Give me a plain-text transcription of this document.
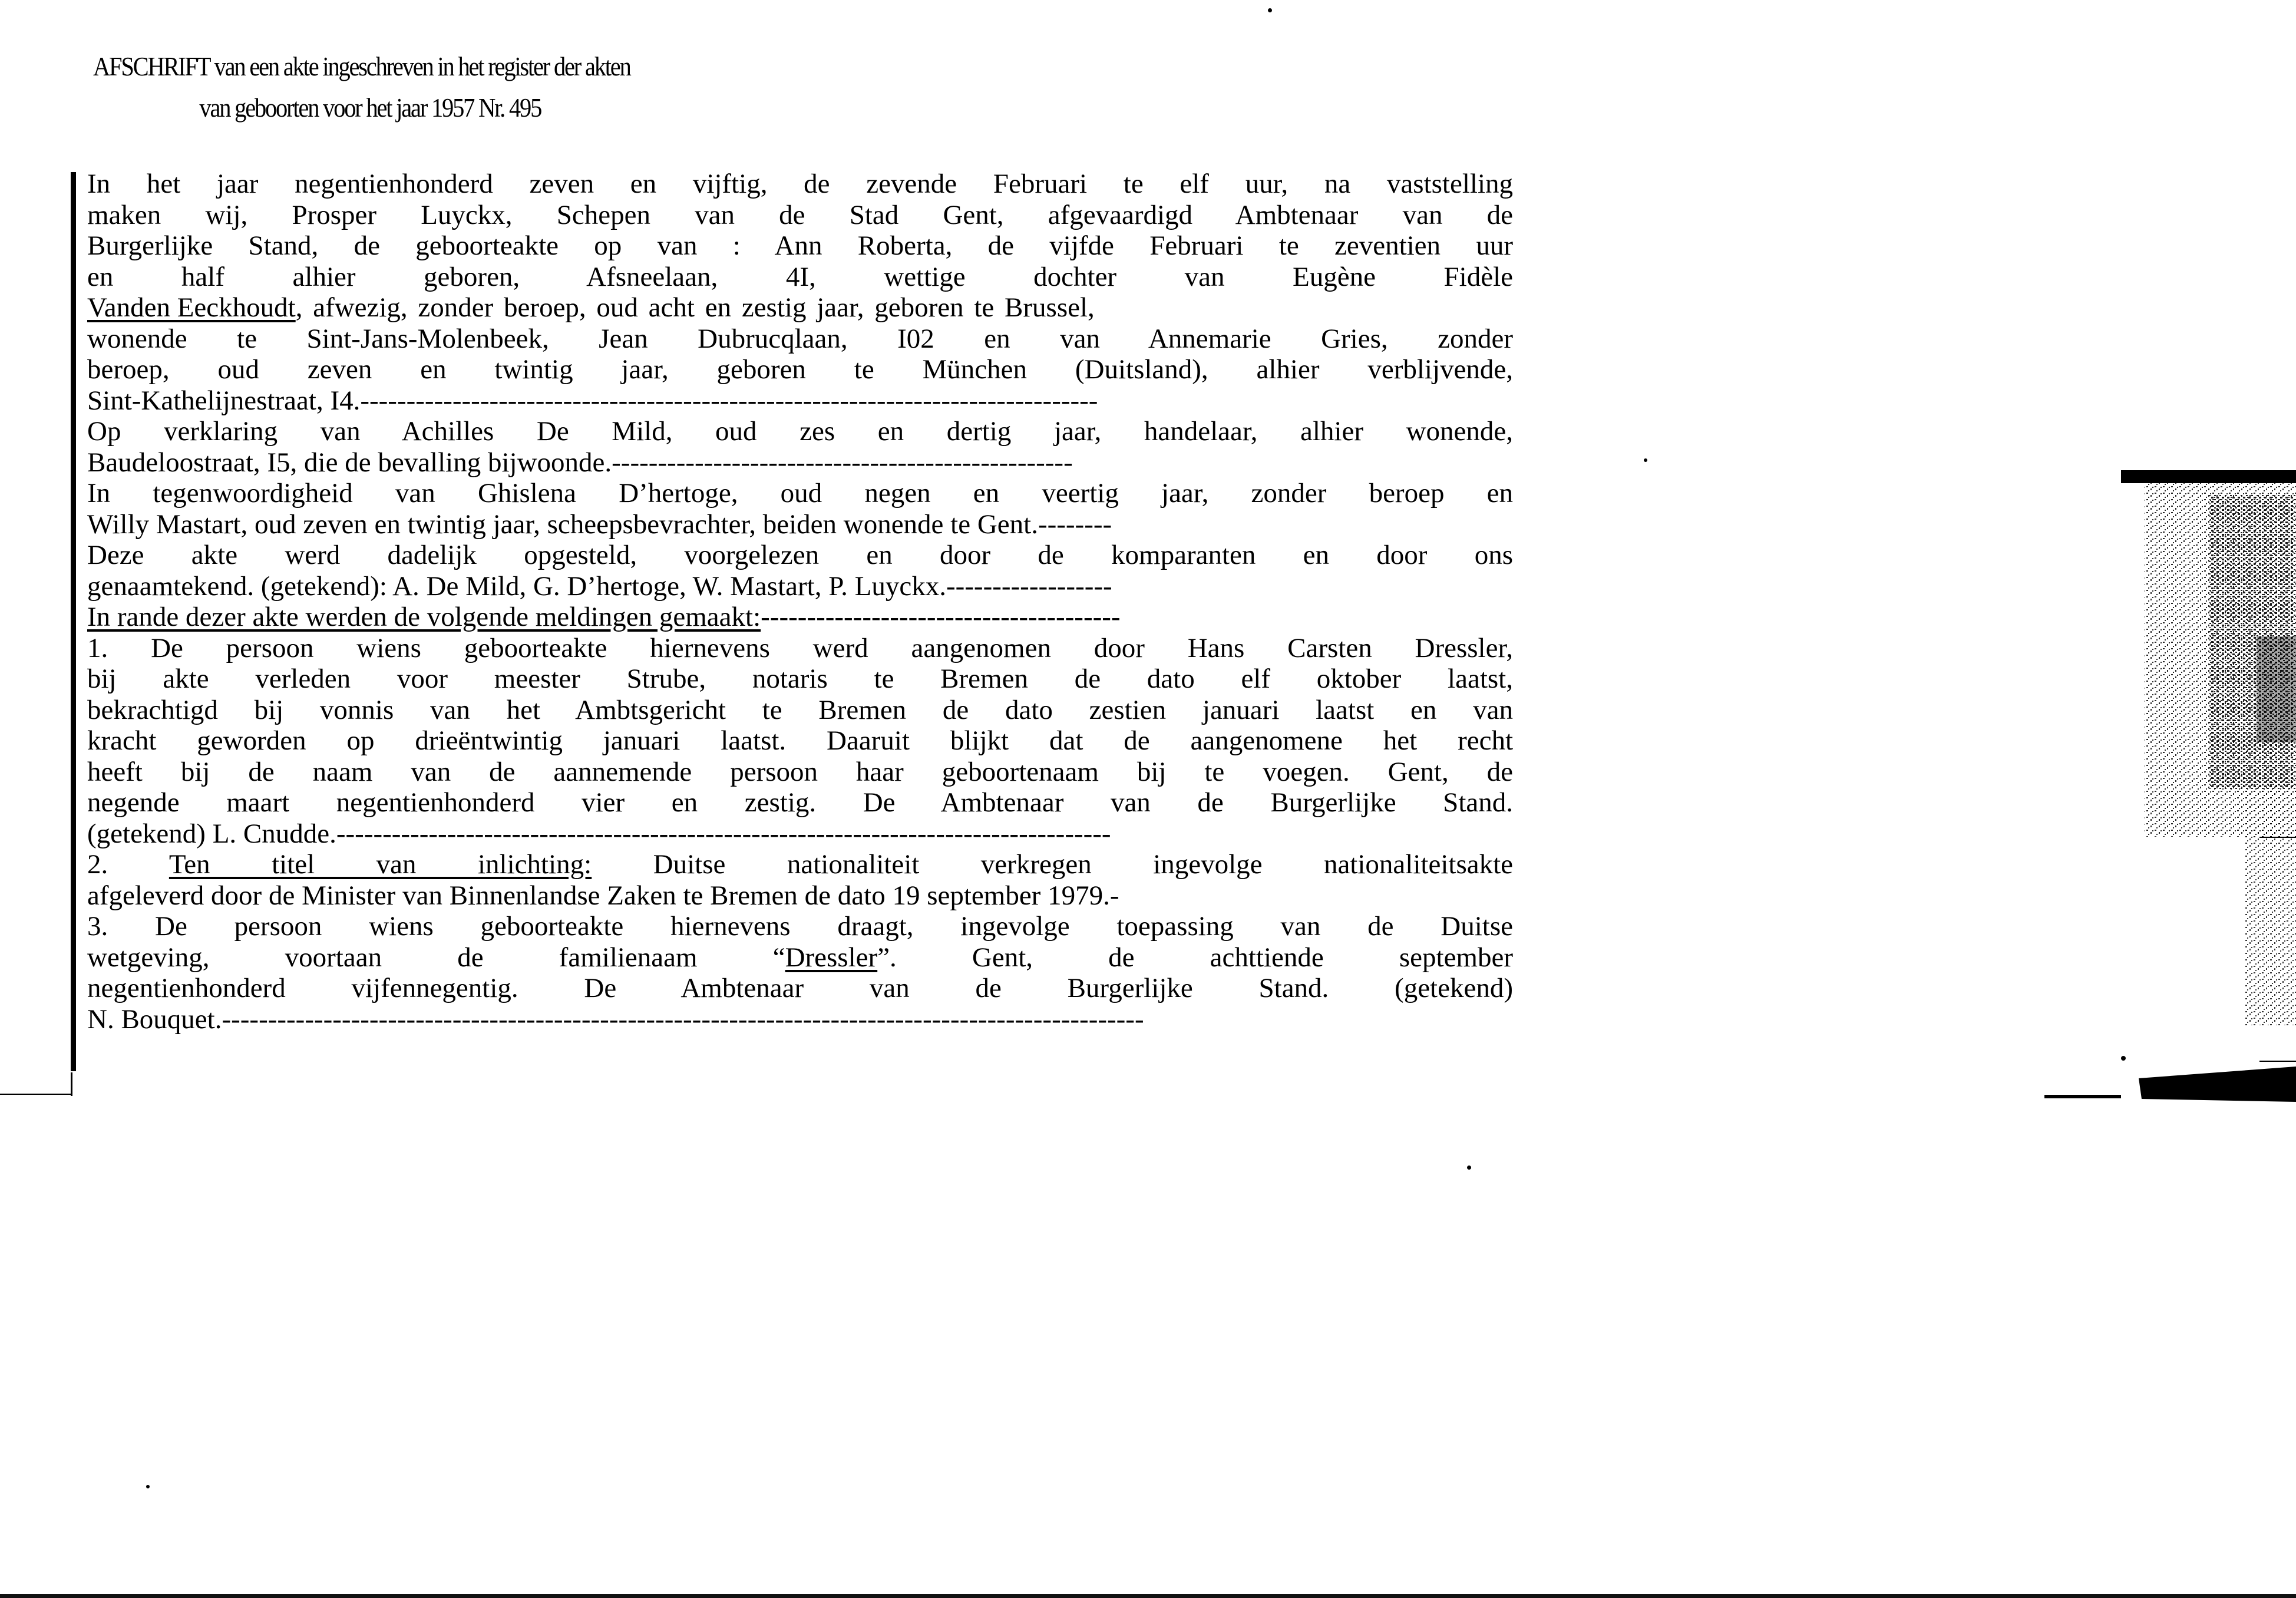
AFSCHRIFT van een akte ingeschreven in het register der akten
van geboorten voor het jaar 1957 Nr. 495
In het jaar negentienhonderd zeven en vijftig, de zevende Februari te elf uur, na vaststelling
maken wij, Prosper Luyckx, Schepen van de Stad Gent, afgevaardigd Ambtenaar van de
Burgerlijke Stand, de geboorteakte op van : Ann Roberta, de vijfde Februari te zeventien uur
en half alhier geboren, Afsneelaan, 4I, wettige dochter van Eugène Fidèle
Vanden Eeckhoudt, afwezig, zonder beroep, oud acht en zestig jaar, geboren te Brussel,
wonende te Sint-Jans-Molenbeek, Jean Dubrucqlaan, I02 en van Annemarie Gries, zonder
beroep, oud zeven en twintig jaar, geboren te München (Duitsland), alhier verblijvende,
Sint-Kathelijnestraat, I4.--------------------------------------------------------------------------------
Op verklaring van Achilles De Mild, oud zes en dertig jaar, handelaar, alhier wonende,
Baudeloostraat, I5, die de bevalling bijwoonde.--------------------------------------------------
In tegenwoordigheid van Ghislena D’hertoge, oud negen en veertig jaar, zonder beroep en
Willy Mastart, oud zeven en twintig jaar, scheepsbevrachter, beiden wonende te Gent.--------
Deze akte werd dadelijk opgesteld, voorgelezen en door de komparanten en door ons
genaamtekend. (getekend): A. De Mild, G. D’hertoge, W. Mastart, P. Luyckx.------------------
In rande dezer akte werden de volgende meldingen gemaakt:---------------------------------------
1. De persoon wiens geboorteakte hiernevens werd aangenomen door Hans Carsten Dressler,
bij akte verleden voor meester Strube, notaris te Bremen de dato elf oktober laatst,
bekrachtigd bij vonnis van het Ambtsgericht te Bremen de dato zestien januari laatst en van
kracht geworden op drieëntwintig januari laatst. Daaruit blijkt dat de aangenomene het recht
heeft bij de naam van de aannemende persoon haar geboortenaam bij te voegen. Gent, de
negende maart negentienhonderd vier en zestig. De Ambtenaar van de Burgerlijke Stand.
(getekend) L. Cnudde.------------------------------------------------------------------------------------
2. Ten titel van inlichting: Duitse nationaliteit verkregen ingevolge nationaliteitsakte
afgeleverd door de Minister van Binnenlandse Zaken te Bremen de dato 19 september 1979.-
3. De persoon wiens geboorteakte hiernevens draagt, ingevolge toepassing van de Duitse
wetgeving, voortaan de familienaam “Dressler”. Gent, de achttiende september
negentienhonderd vijfennegentig. De Ambtenaar van de Burgerlijke Stand. (getekend)
N. Bouquet.----------------------------------------------------------------------------------------------------
